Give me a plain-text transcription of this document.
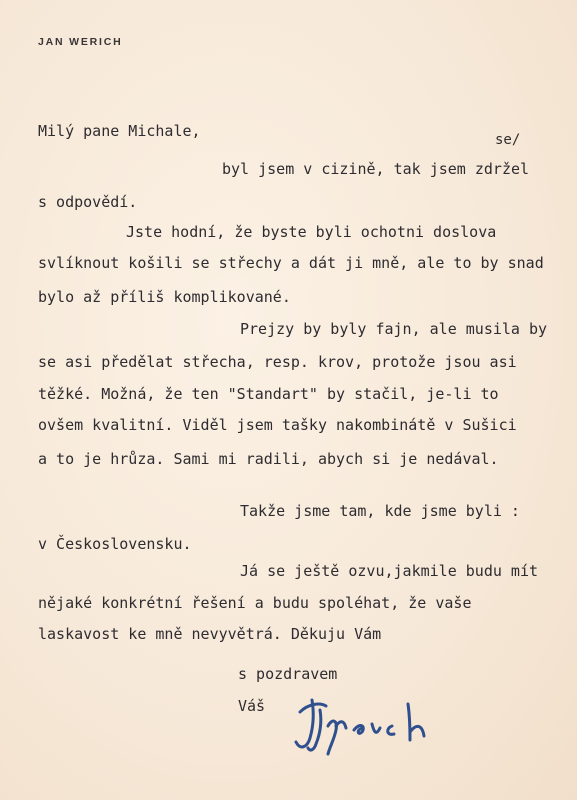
JAN WERICH
se/
Milý pane Michale,
byl jsem v cizině, tak jsem zdržel
s odpovědí.
Jste hodní, že byste byli ochotni doslova
svlíknout košili se střechy a dát ji mně, ale to by snad
bylo až příliš komplikované.
Prejzy by byly fajn, ale musila by
se asi předělat střecha, resp. krov, protože jsou asi
těžké. Možná, že ten "Standart" by stačil, je-li to
ovšem kvalitní. Viděl jsem tašky nakombinátě v Sušici
a to je hrůza. Sami mi radili, abych si je nedával.
Takže jsme tam, kde jsme byli :
v Československu.
Já se ještě ozvu,jakmile budu mít
nějaké konkrétní řešení a budu spoléhat, že vaše
laskavost ke mně nevyvětrá. Děkuju Vám
s pozdravem
Váš
